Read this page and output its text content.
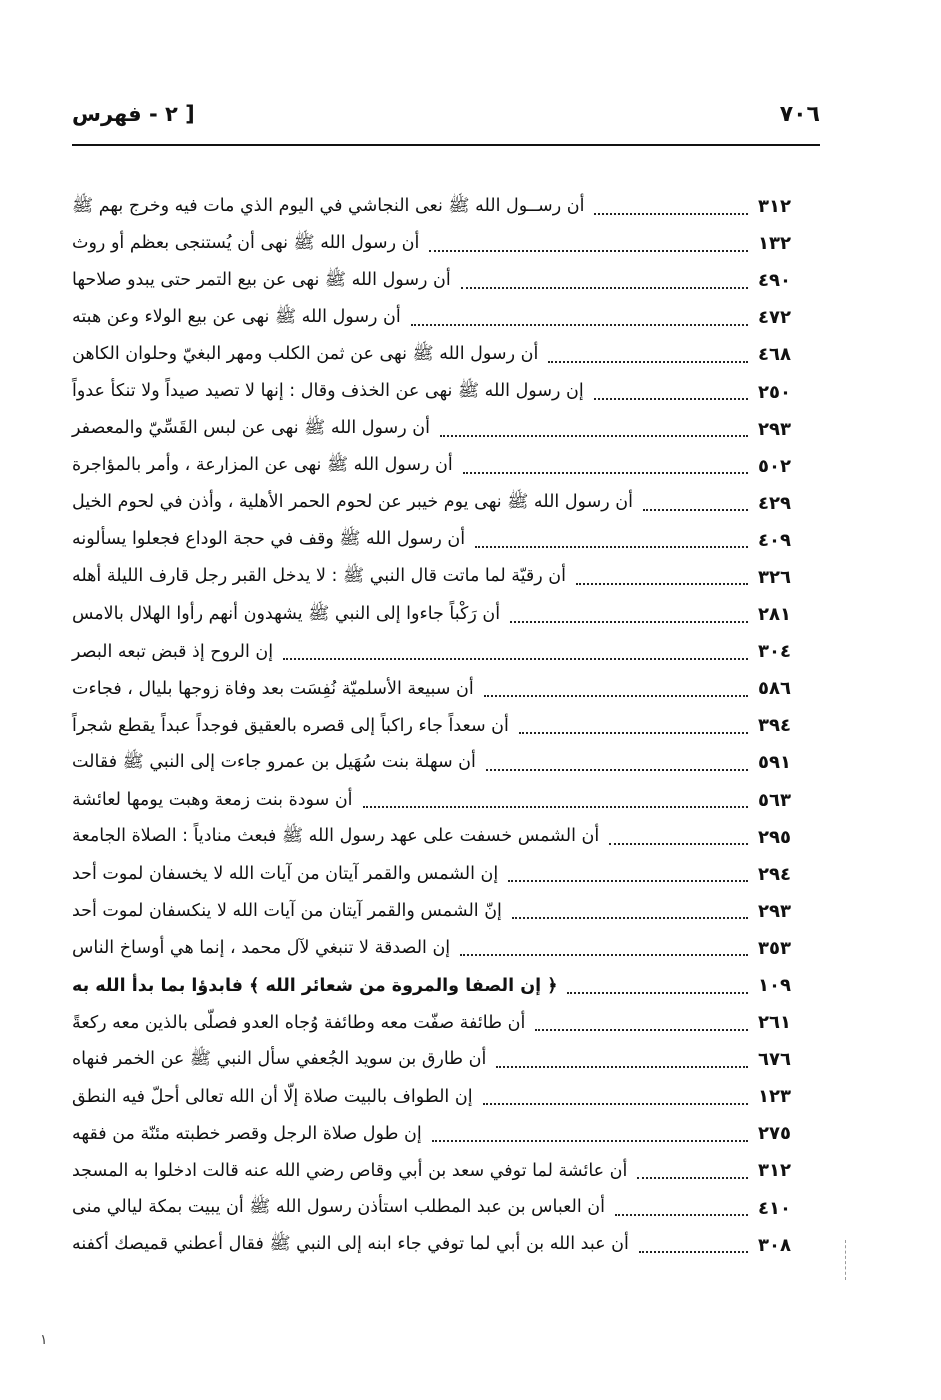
٧٠٦
[ ٢ - فهرس
أن رســول الله ﷺ نعى النجاشي في اليوم الذي مات فيه وخرج بهم ﷺ	٣١٢
أن رسول الله ﷺ نهى أن يُستنجى بعظم أو روث	١٣٢
أن رسول الله ﷺ نهى عن بيع التمر حتى يبدو صلاحها	٤٩٠
أن رسول الله ﷺ نهى عن بيع الولاء وعن هبته	٤٧٢
أن رسول الله ﷺ نهى عن ثمن الكلب ومهر البغيّ وحلوان الكاهن	٤٦٨
إن رسول الله ﷺ نهى عن الخذف وقال : إنها لا تصيد صيداً ولا تنكأ عدواً	٢٥٠
أن رسول الله ﷺ نهى عن لبس القَسِّيّ والمعصفر	٢٩٣
أن رسول الله ﷺ نهى عن المزارعة ، وأمر بالمؤاجرة	٥٠٢
أن رسول الله ﷺ نهى يوم خيبر عن لحوم الحمر الأهلية ، وأذن في لحوم الخيل	٤٢٩
أن رسول الله ﷺ وقف في حجة الوداع فجعلوا يسألونه	٤٠٩
أن رقيّة لما ماتت قال النبي ﷺ : لا يدخل القبر رجل قارف الليلة أهله	٣٢٦
أن رَكْباً جاءوا إلى النبي ﷺ يشهدون أنهم رأوا الهلال بالامس	٢٨١
إن الروح إذ قبض تبعه البصر	٣٠٤
أن سبيعة الأسلميّة نُفِسَت بعد وفاة زوجها بليال ، فجاءت	٥٨٦
أن سعداً جاء راكباً إلى قصره بالعقيق فوجداً عبداً يقطع شجراً	٣٩٤
أن سهلة بنت سُهَيل بن عمرو جاءت إلى النبي ﷺ فقالت	٥٩١
أن سودة بنت زمعة وهبت يومها لعائشة	٥٦٣
أن الشمس خسفت على عهد رسول الله ﷺ فبعث منادياً : الصلاة الجامعة	٢٩٥
إن الشمس والقمر آيتان من آيات الله لا يخسفان لموت أحد	٢٩٤
إنّ الشمس والقمر آيتان من آيات الله لا ينكسفان لموت أحد	٢٩٣
إن الصدقة لا تنبغي لآل محمد ، إنما هي أوساخ الناس	٣٥٣
﴿ إن الصفا والمروة من شعائر الله ﴾ فابدؤا بما بدأ الله به	١٠٩
أن طائفة صفّت معه وطائفة وُجاه العدو فصلّى بالذين معه ركعةً	٢٦١
أن طارق بن سويد الجُعفي سأل النبي ﷺ عن الخمر فنهاه	٦٧٦
إن الطواف بالبيت صلاة إلّا أن الله تعالى أحلّ فيه النطق	١٢٣
إن طول صلاة الرجل وقصر خطبته مئنّة من فقهه	٢٧٥
أن عائشة لما توفي سعد بن أبي وقاص رضي الله عنه قالت ادخلوا به المسجد	٣١٢
أن العباس بن عبد المطلب استأذن رسول الله ﷺ أن يبيت بمكة ليالي منى	٤١٠
أن عبد الله بن أبي لما توفي جاء ابنه إلى النبي ﷺ فقال أعطني قميصك أكفنه	٣٠٨
١
